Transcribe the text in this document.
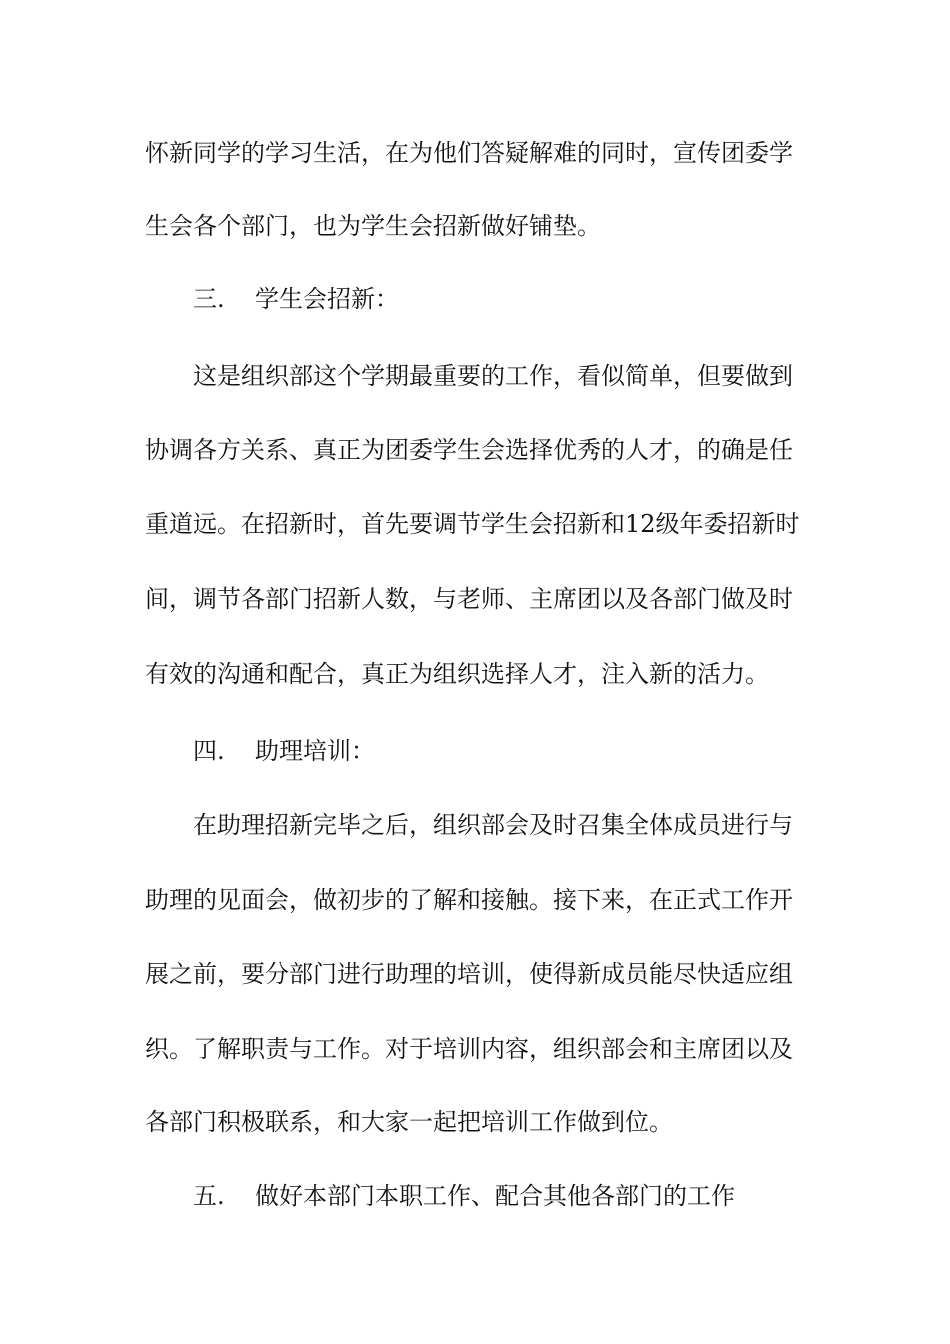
怀新同学的学习生活，在为他们答疑解难的同时，宣传团委学
生会各个部门，也为学生会招新做好铺垫。
三. 学生会招新：
这是组织部这个学期最重要的工作，看似简单，但要做到
协调各方关系、真正为团委学生会选择优秀的人才，的确是任
重道远。在招新时，首先要调节学生会招新和12级年委招新时
间，调节各部门招新人数，与老师、主席团以及各部门做及时
有效的沟通和配合，真正为组织选择人才，注入新的活力。
四. 助理培训：
在助理招新完毕之后，组织部会及时召集全体成员进行与
助理的见面会，做初步的了解和接触。接下来，在正式工作开
展之前，要分部门进行助理的培训，使得新成员能尽快适应组
织。了解职责与工作。对于培训内容，组织部会和主席团以及
各部门积极联系，和大家一起把培训工作做到位。
五. 做好本部门本职工作、配合其他各部门的工作
